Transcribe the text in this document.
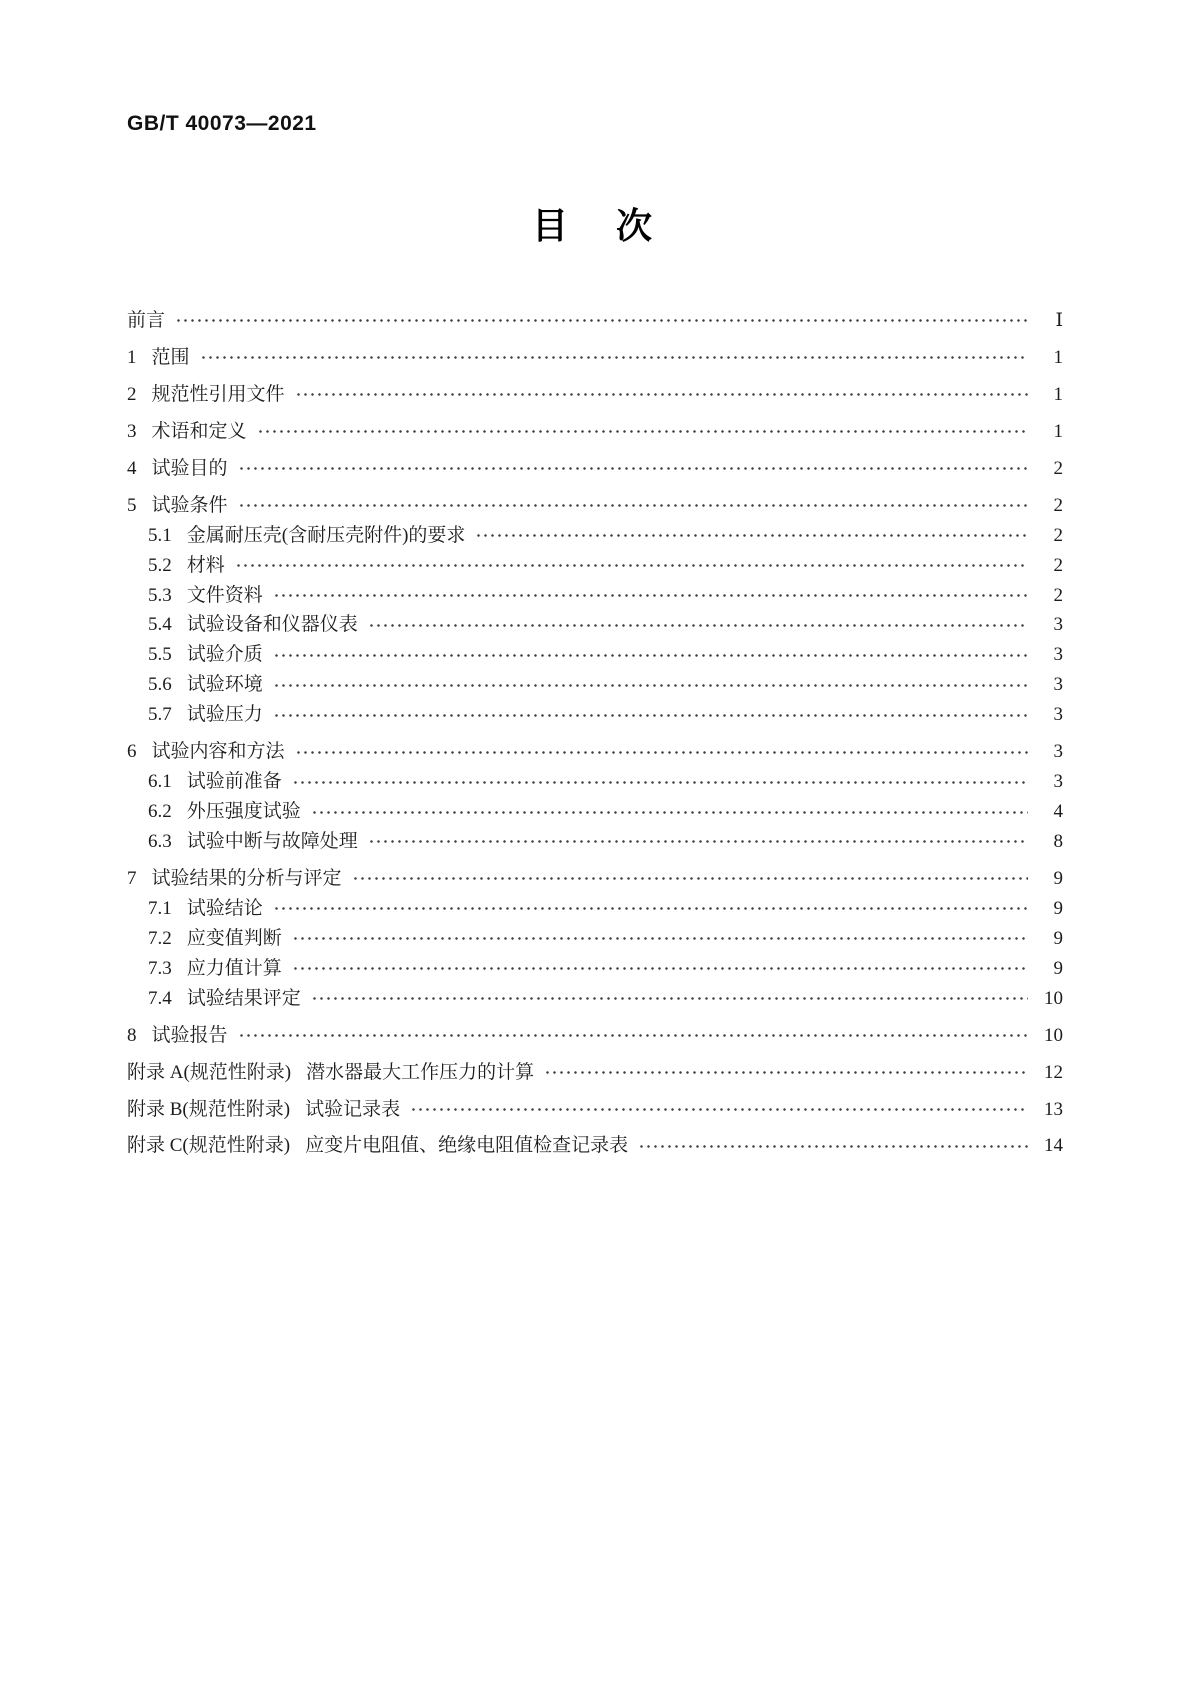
GB/T 40073—2021
目　次
前言	Ⅰ
1 范围	1
2 规范性引用文件	1
3 术语和定义	1
4 试验目的	2
5 试验条件	2
5.1 金属耐压壳(含耐压壳附件)的要求	2
5.2 材料	2
5.3 文件资料	2
5.4 试验设备和仪器仪表	3
5.5 试验介质	3
5.6 试验环境	3
5.7 试验压力	3
6 试验内容和方法	3
6.1 试验前准备	3
6.2 外压强度试验	4
6.3 试验中断与故障处理	8
7 试验结果的分析与评定	9
7.1 试验结论	9
7.2 应变值判断	9
7.3 应力值计算	9
7.4 试验结果评定	10
8 试验报告	10
附录 A(规范性附录) 潜水器最大工作压力的计算	12
附录 B(规范性附录) 试验记录表	13
附录 C(规范性附录) 应变片电阻值、绝缘电阻值检查记录表	14
